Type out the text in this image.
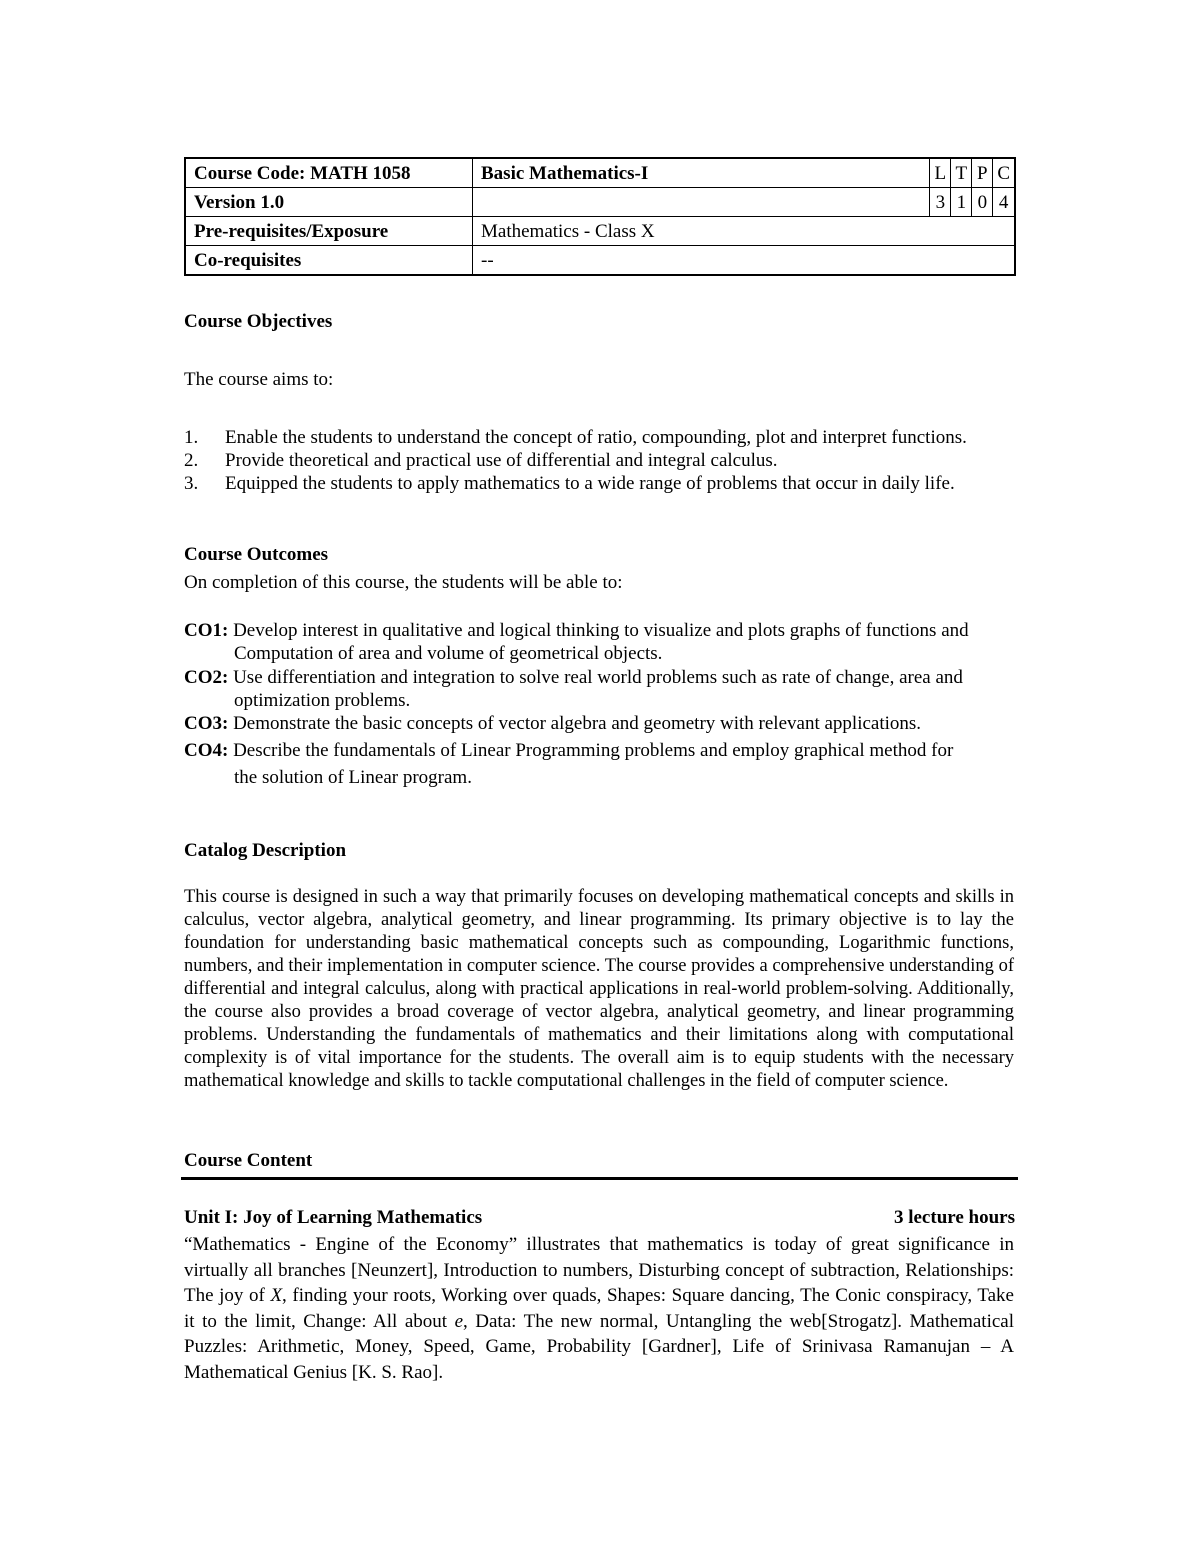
Course Code: MATH 1058	Basic Mathematics-I	L	T	P	C
Version 1.0		3	1	0	4
Pre-requisites/Exposure	Mathematics - Class X				
Co-requisites	--				
Course Objectives
The course aims to:
1. Enable the students to understand the concept of ratio, compounding, plot and interpret functions.
2. Provide theoretical and practical use of differential and integral calculus.
3. Equipped the students to apply mathematics to a wide range of problems that occur in daily life.
Course Outcomes
On completion of this course, the students will be able to:
CO1: Develop interest in qualitative and logical thinking to visualize and plots graphs of functions and
Computation of area and volume of geometrical objects.
CO2: Use differentiation and integration to solve real world problems such as rate of change, area and
optimization problems.
CO3: Demonstrate the basic concepts of vector algebra and geometry with relevant applications.
CO4: Describe the fundamentals of Linear Programming problems and employ graphical method for
the solution of Linear program.
Catalog Description
This course is designed in such a way that primarily focuses on developing mathematical concepts and skills in calculus, vector algebra, analytical geometry, and linear programming. Its primary objective is to lay the foundation for understanding basic mathematical concepts such as compounding, Logarithmic functions, numbers, and their implementation in computer science. The course provides a comprehensive understanding of differential and integral calculus, along with practical applications in real-world problem-solving. Additionally, the course also provides a broad coverage of vector algebra, analytical geometry, and linear programming problems. Understanding the fundamentals of mathematics and their limitations along with computational complexity is of vital importance for the students. The overall aim is to equip students with the necessary mathematical knowledge and skills to tackle computational challenges in the field of computer science.
Course Content
Unit I: Joy of Learning Mathematics	3 lecture hours
“Mathematics - Engine of the Economy” illustrates that mathematics is today of great significance in virtually all branches [Neunzert], Introduction to numbers, Disturbing concept of subtraction, Relationships: The joy of X, finding your roots, Working over quads, Shapes: Square dancing, The Conic conspiracy, Take it to the limit, Change: All about e, Data: The new normal, Untangling the web[Strogatz]. Mathematical Puzzles: Arithmetic, Money, Speed, Game, Probability [Gardner], Life of Srinivasa Ramanujan – A Mathematical Genius [K. S. Rao].
